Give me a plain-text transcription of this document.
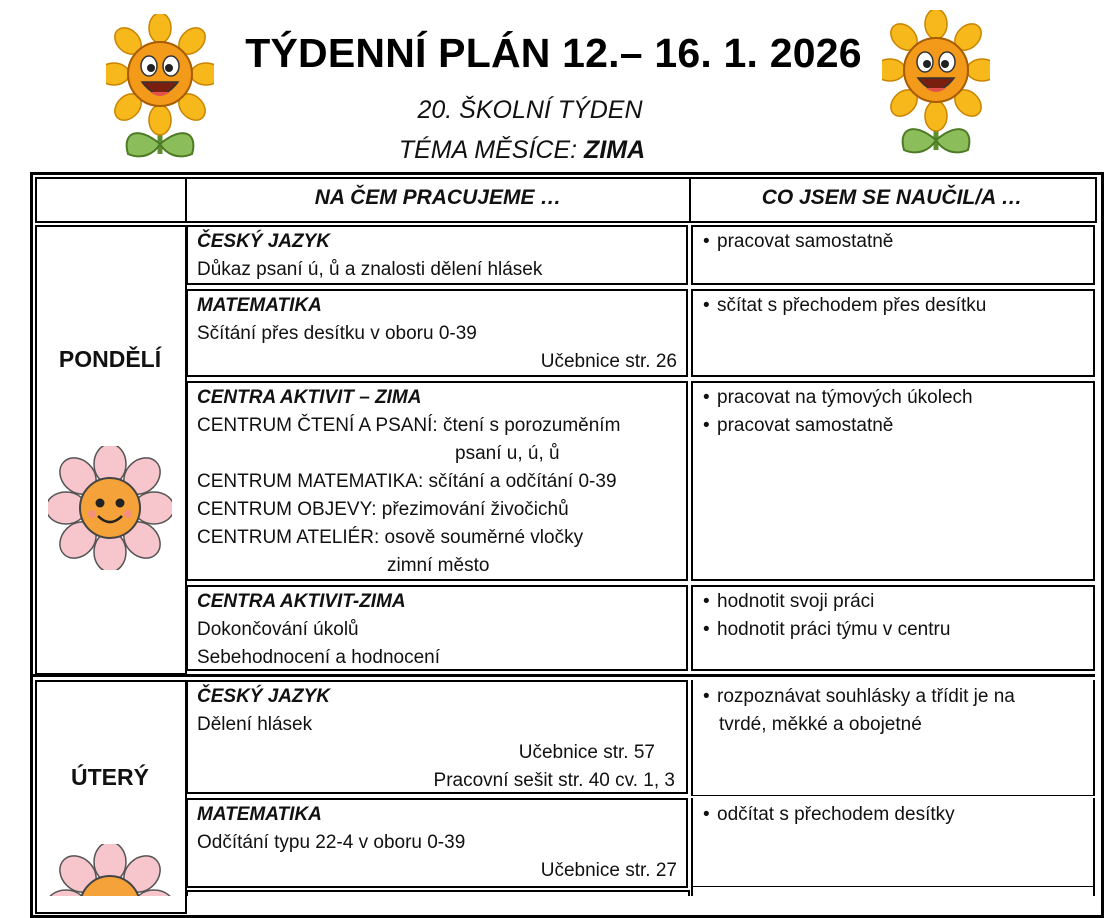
TÝDENNÍ PLÁN 12.– 16. 1. 2026
20. ŠKOLNÍ TÝDEN
TÉMA MĚSÍCE: ZIMA
NA ČEM PRACUJEME …	CO JSEM SE NAUČIL/A …
PONDĚLÍ
ČESKÝ JAZYK
Důkaz psaní ú, ů a znalosti dělení hlásek
• pracovat samostatně
MATEMATIKA
Sčítání přes desítku v oboru 0-39
Učebnice str. 26
• sčítat s přechodem přes desítku
CENTRA AKTIVIT – ZIMA
CENTRUM ČTENÍ A PSANÍ: čtení s porozuměním
psaní u, ú, ů
CENTRUM MATEMATIKA: sčítání a odčítání 0-39
CENTRUM OBJEVY: přezimování živočichů
CENTRUM ATELIÉR: osově souměrné vločky
zimní město
• pracovat na týmových úkolech
• pracovat samostatně
CENTRA AKTIVIT-ZIMA
Dokončování úkolů
Sebehodnocení a hodnocení
• hodnotit svoji práci
• hodnotit práci týmu v centru
ÚTERÝ
ČESKÝ JAZYK
Dělení hlásek
Učebnice str. 57
Pracovní sešit str. 40 cv. 1, 3
• rozpoznávat souhlásky a třídit je na
tvrdé, měkké a obojetné
MATEMATIKA
Odčítání typu 22-4 v oboru 0-39
Učebnice str. 27
• odčítat s přechodem desítky
